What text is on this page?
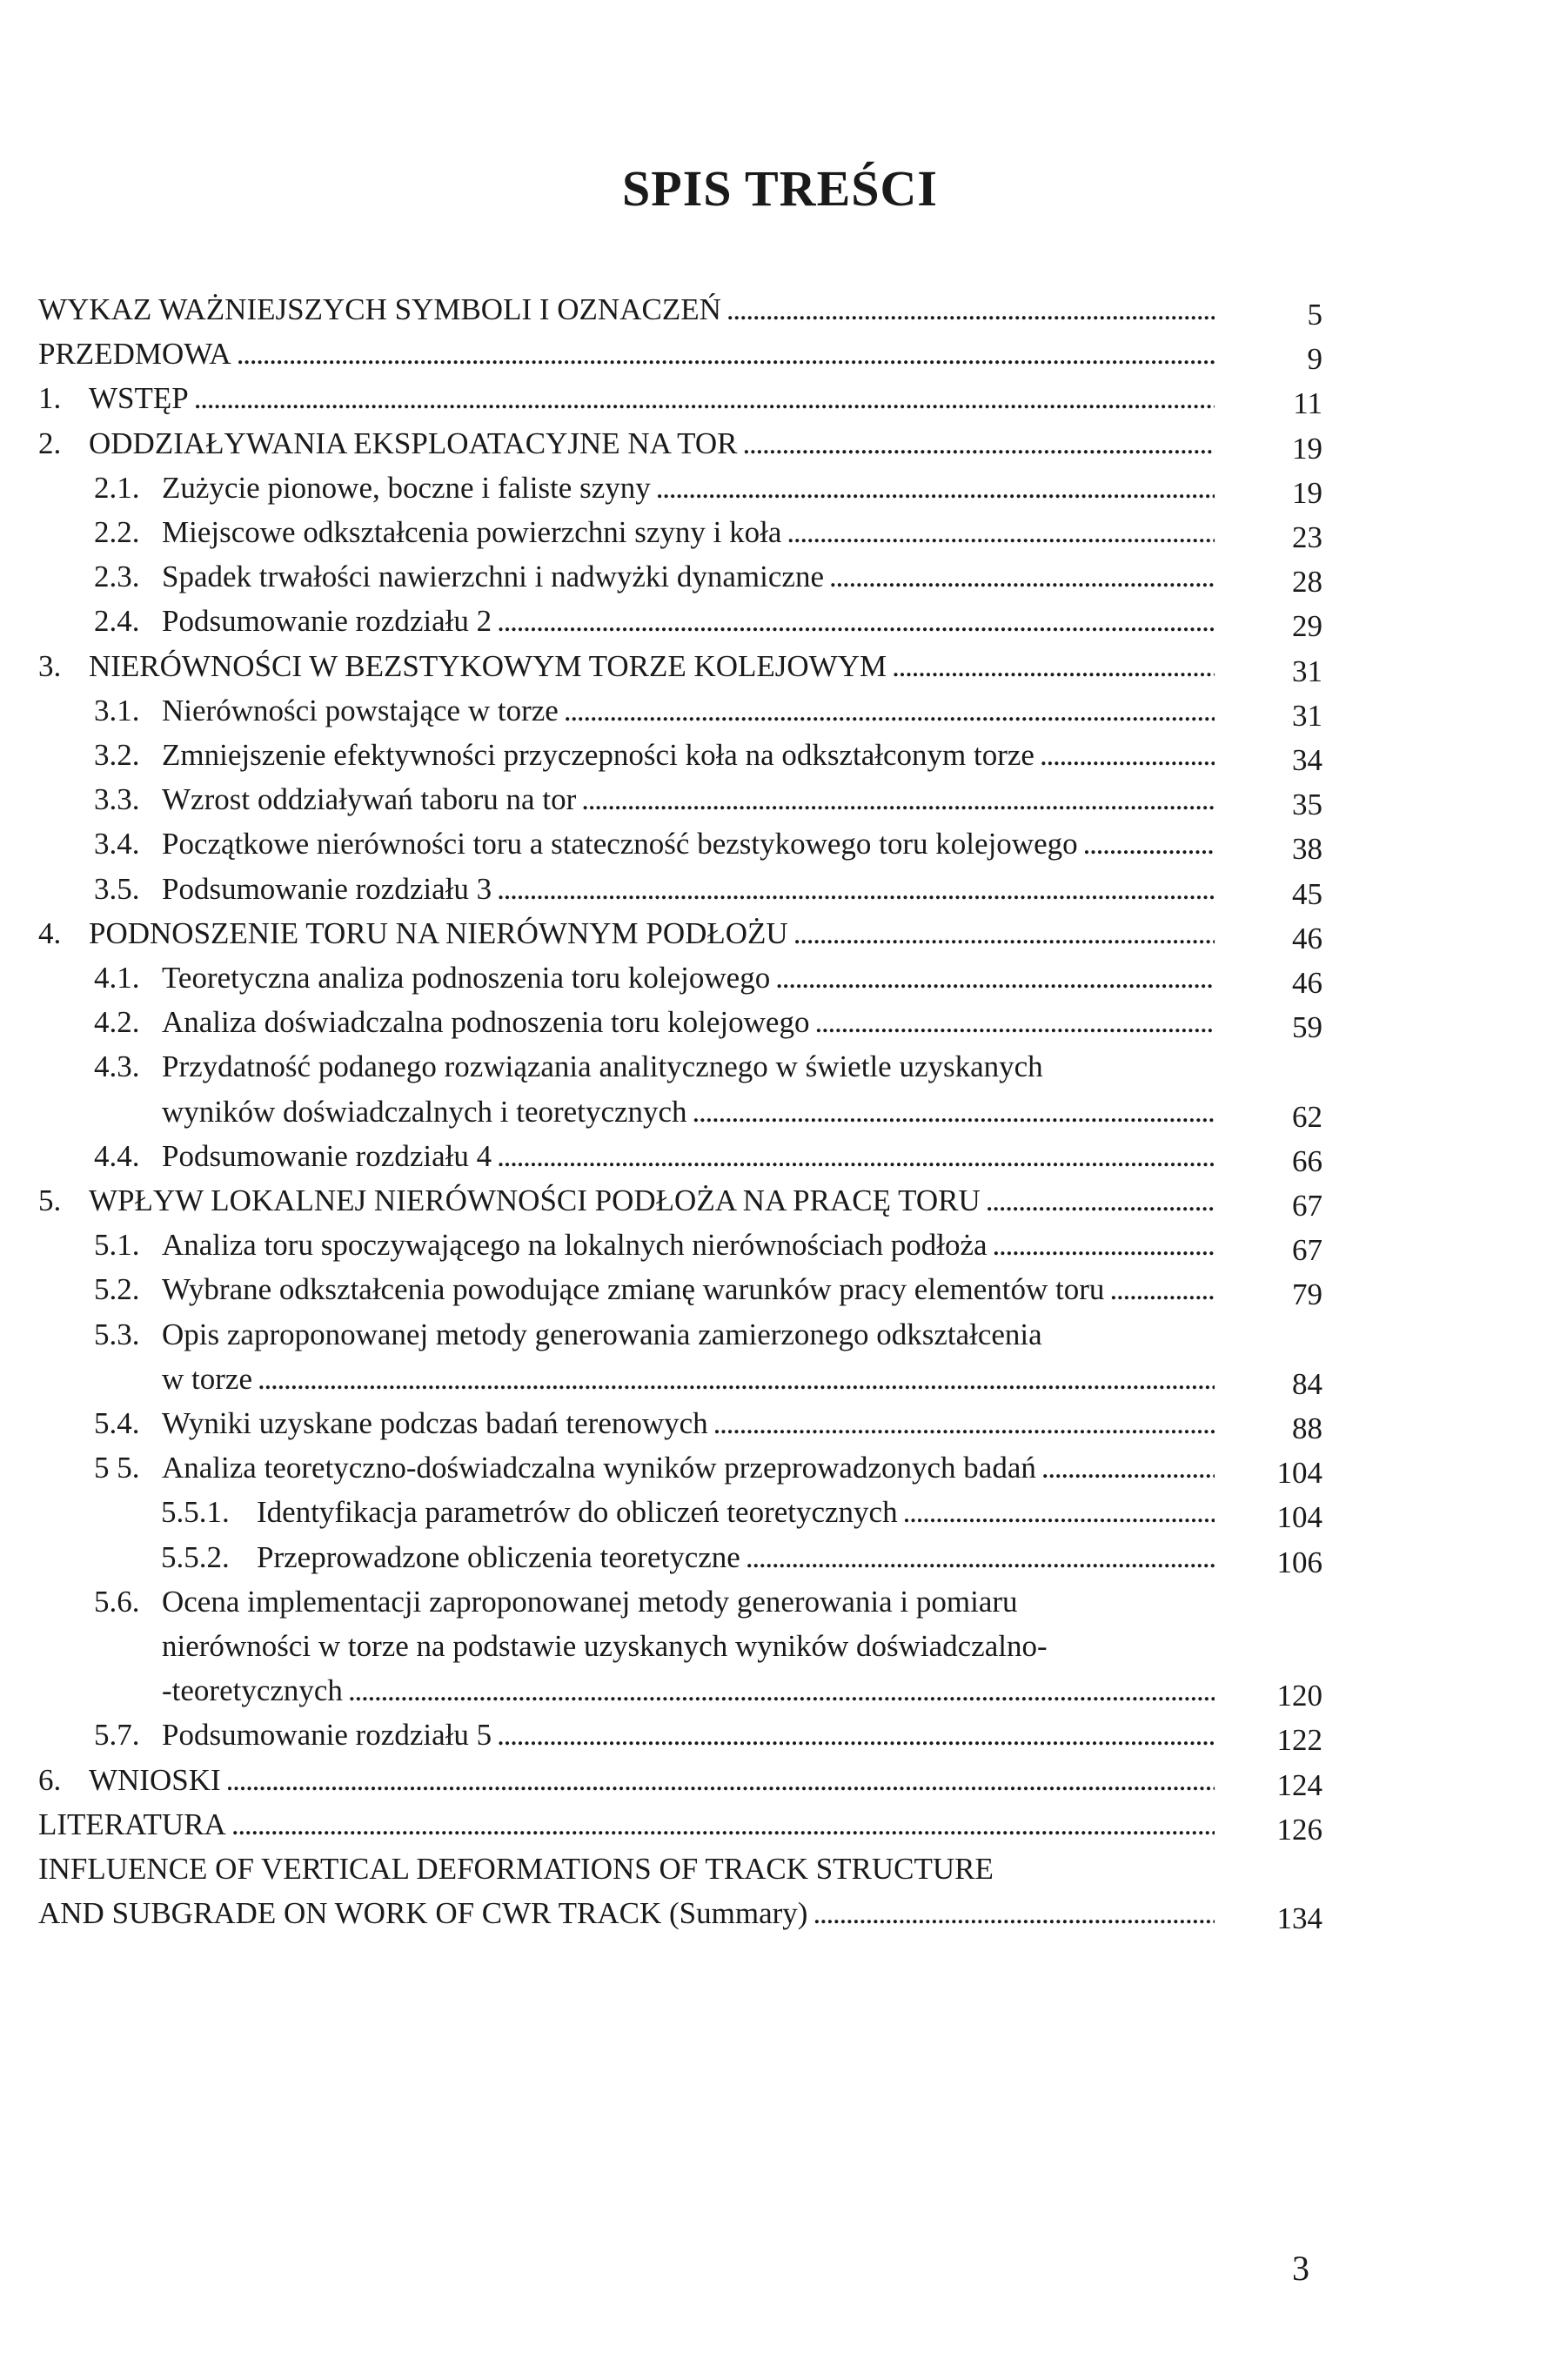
SPIS TREŚCI
WYKAZ WAŻNIEJSZYCH SYMBOLI I OZNACZEŃ . . .	5
PRZEDMOWA . . .	9
1. WSTĘP . . .	11
2. ODDZIAŁYWANIA EKSPLOATACYJNE NA TOR . . .	19
2.1. Zużycie pionowe, boczne i faliste szyny . . .	19
2.2. Miejscowe odkształcenia powierzchni szyny i koła . . .	23
2.3. Spadek trwałości nawierzchni i nadwyżki dynamiczne . . .	28
2.4. Podsumowanie rozdziału 2 . . .	29
3. NIERÓWNOŚCI W BEZSTYKOWYM TORZE KOLEJOWYM . . .	31
3.1. Nierówności powstające w torze . . .	31
3.2. Zmniejszenie efektywności przyczepności koła na odkształconym torze . . .	34
3.3. Wzrost oddziaływań taboru na tor . . .	35
3.4. Początkowe nierówności toru a stateczność bezstykowego toru kolejowego . . .	38
3.5. Podsumowanie rozdziału 3 . . .	45
4. PODNOSZENIE TORU NA NIERÓWNYM PODŁOŻU . . .	46
4.1. Teoretyczna analiza podnoszenia toru kolejowego . . .	46
4.2. Analiza doświadczalna podnoszenia toru kolejowego . . .	59
4.3. Przydatność podanego rozwiązania analitycznego w świetle uzyskanych
wyników doświadczalnych i teoretycznych . . .	62
4.4. Podsumowanie rozdziału 4 . . .	66
5. WPŁYW LOKALNEJ NIERÓWNOŚCI PODŁOŻA NA PRACĘ TORU . . .	67
5.1. Analiza toru spoczywającego na lokalnych nierównościach podłoża . . .	67
5.2. Wybrane odkształcenia powodujące zmianę warunków pracy elementów toru . . .	79
5.3. Opis zaproponowanej metody generowania zamierzonego odkształcenia
w torze . . .	84
5.4. Wyniki uzyskane podczas badań terenowych . . .	88
5 5. Analiza teoretyczno-doświadczalna wyników przeprowadzonych badań . . .	104
5.5.1. Identyfikacja parametrów do obliczeń teoretycznych . . .	104
5.5.2. Przeprowadzone obliczenia teoretyczne . . .	106
5.6. Ocena implementacji zaproponowanej metody generowania i pomiaru
nierówności w torze na podstawie uzyskanych wyników doświadczalno-
-teoretycznych . . .	120
5.7. Podsumowanie rozdziału 5 . . .	122
6. WNIOSKI . . .	124
LITERATURA . . .	126
INFLUENCE OF VERTICAL DEFORMATIONS OF TRACK STRUCTURE
AND SUBGRADE ON WORK OF CWR TRACK (Summary) . . .	134
3
